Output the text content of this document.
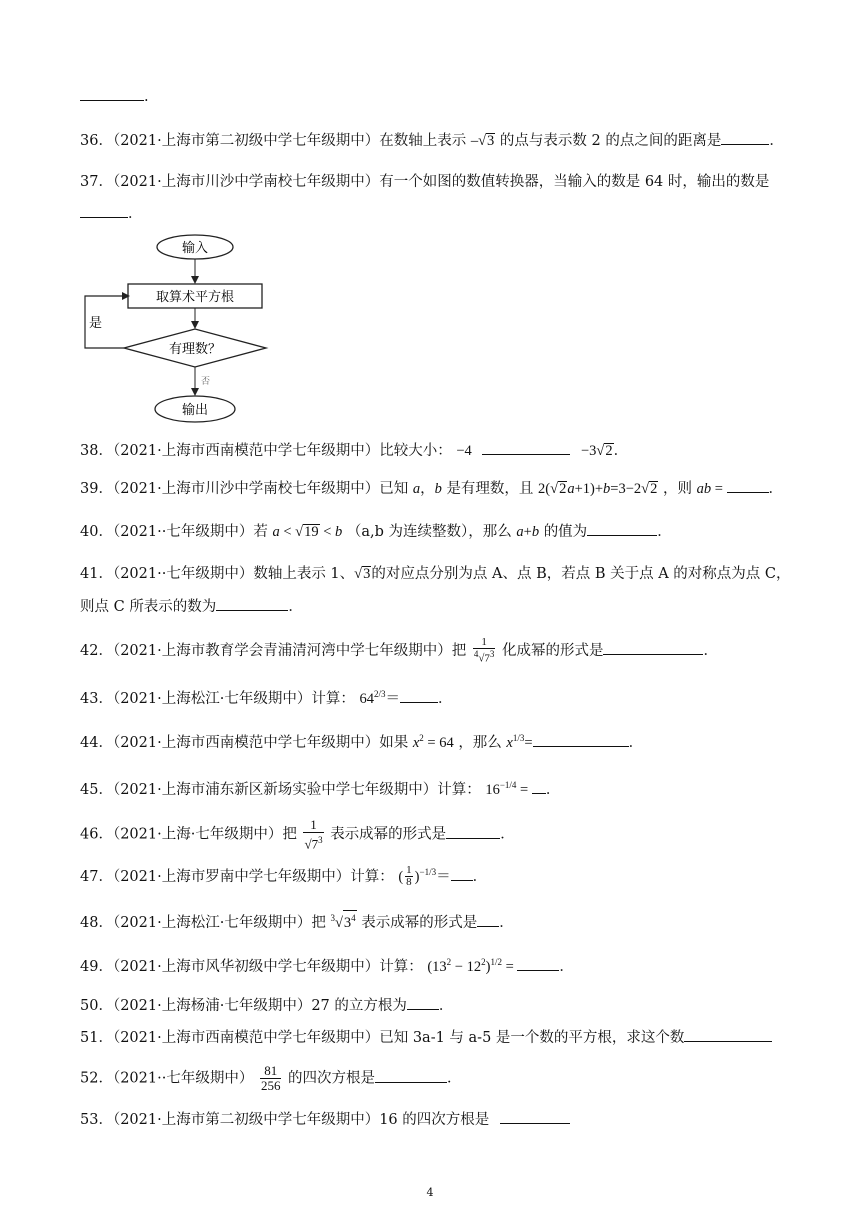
.
36．（2021·上海市第二初级中学七年级期中）在数轴上表示 –√3 的点与表示数 2 的点之间的距离是	．
37．（2021·上海市川沙中学南校七年级期中）有一个如图的数值转换器，当输入的数是 64 时，输出的数是
．
输入
取算术平方根
有理数？
是
否
输出
38．（2021·上海市西南模范中学七年级期中）比较大小： −4	−3√2．
39．（2021·上海市川沙中学南校七年级期中）已知 a，b 是有理数，且 2(√2a+1)+b=3−2√2 ，则 ab =	．
40．（2021··七年级期中）若 a < √19 < b （a,b 为连续整数），那么 a+b 的值为	．
41．（2021··七年级期中）数轴上表示 1、√3的对应点分别为点 A、点 B，若点 B 关于点 A 的对称点为点 C，
则点 C 所表示的数为	．
42．（2021·上海市教育学会青浦清河湾中学七年级期中）把 $\frac{1}{^4√7^3}$ 化成幂的形式是	．
43．（2021·上海松江·七年级期中）计算： $64^{2/3}=$	．
44．（2021·上海市西南模范中学七年级期中）如果 $x^2 = 64$ ，那么 $x^{1/3}=$	．
45．（2021·上海市浦东新区新场实验中学七年级期中）计算： $16^{-1/4}$ = ．
46．（2021·上海·七年级期中）把 $\frac{1}{√7^3}$ 表示成幂的形式是	．
47．（2021·上海市罗南中学七年级期中）计算： ( $\frac{1}{8} )^{-1/3}=$ ．
48．（2021·上海松江·七年级期中）把 $^3√3^4$ 表示成幂的形式是 ．
49．（2021·上海市风华初级中学七年级期中）计算： $(13^2 - 12^2)^{1/2}$ =	．
50．（2021·上海杨浦·七年级期中）27 的立方根为 ．
51．（2021·上海市西南模范中学七年级期中）已知 3a-1 与 a-5 是一个数的平方根，求这个数
52．（2021··七年级期中） $\frac{81}{256}$ 的四次方根是	．
53．（2021·上海市第二初级中学七年级期中）16 的四次方根是
4
